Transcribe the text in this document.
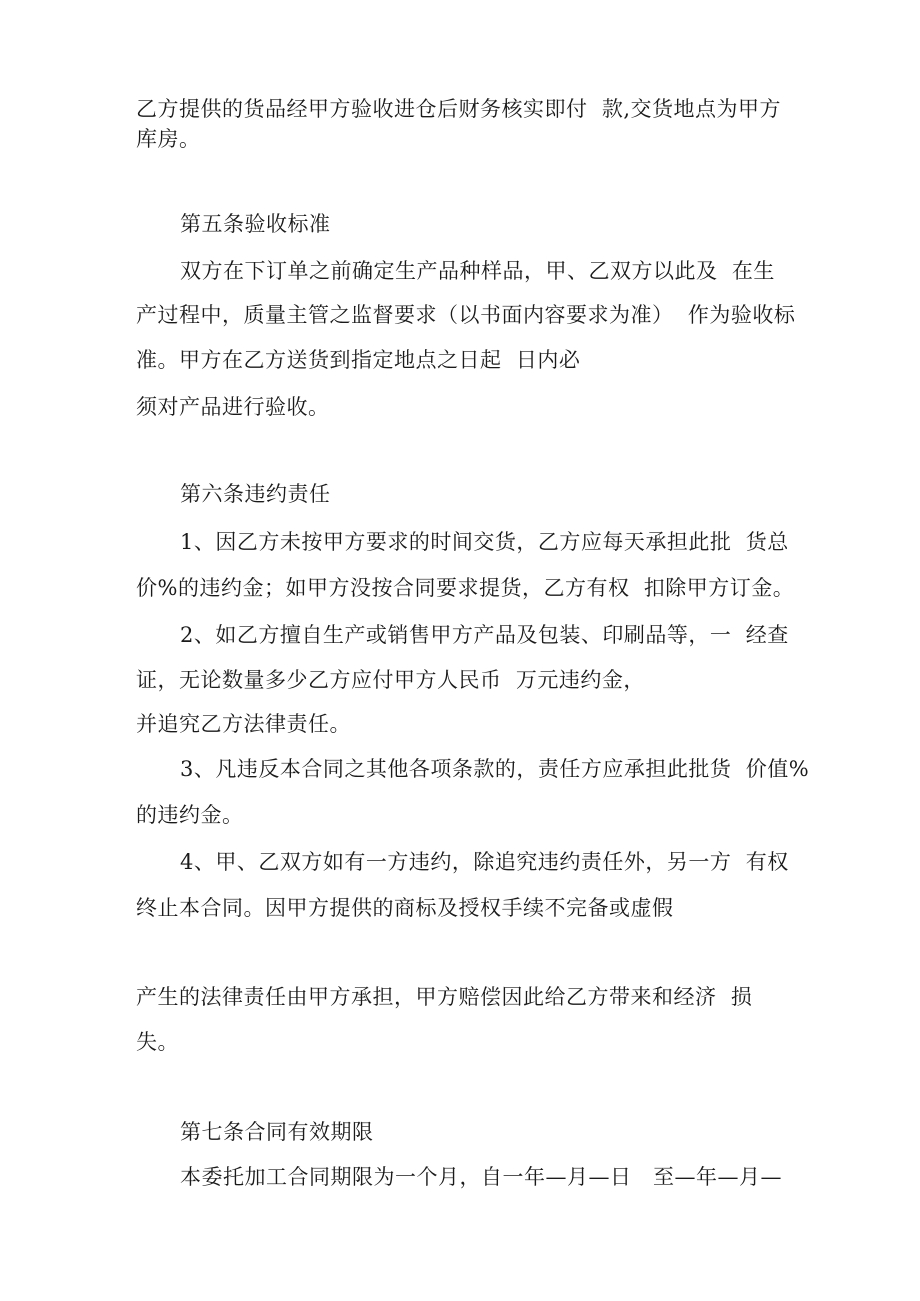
乙方提供的货品经甲方验收进仓后财务核实即付  款,交货地点为甲方
库房。
第五条验收标准
双方在下订单之前确定生产品种样品，甲、乙双方以此及  在生
产过程中，质量主管之监督要求（以书面内容要求为准）  作为验收标
准。甲方在乙方送货到指定地点之日起  日内必
须对产品进行验收。
第六条违约责任
1、因乙方未按甲方要求的时间交货，乙方应每天承担此批  货总
价%的违约金；如甲方没按合同要求提货，乙方有权  扣除甲方订金。
2、如乙方擅自生产或销售甲方产品及包装、印刷品等，一  经查
证，无论数量多少乙方应付甲方人民币  万元违约金，
并追究乙方法律责任。
3、凡违反本合同之其他各项条款的，责任方应承担此批货  价值%
的违约金。
4、甲、乙双方如有一方违约，除追究违约责任外，另一方  有权
终止本合同。因甲方提供的商标及授权手续不完备或虚假
产生的法律责任由甲方承担，甲方赔偿因此给乙方带来和经济  损
失。
第七条合同有效期限
本委托加工合同期限为一个月，自一年—月—日   至—年—月—
